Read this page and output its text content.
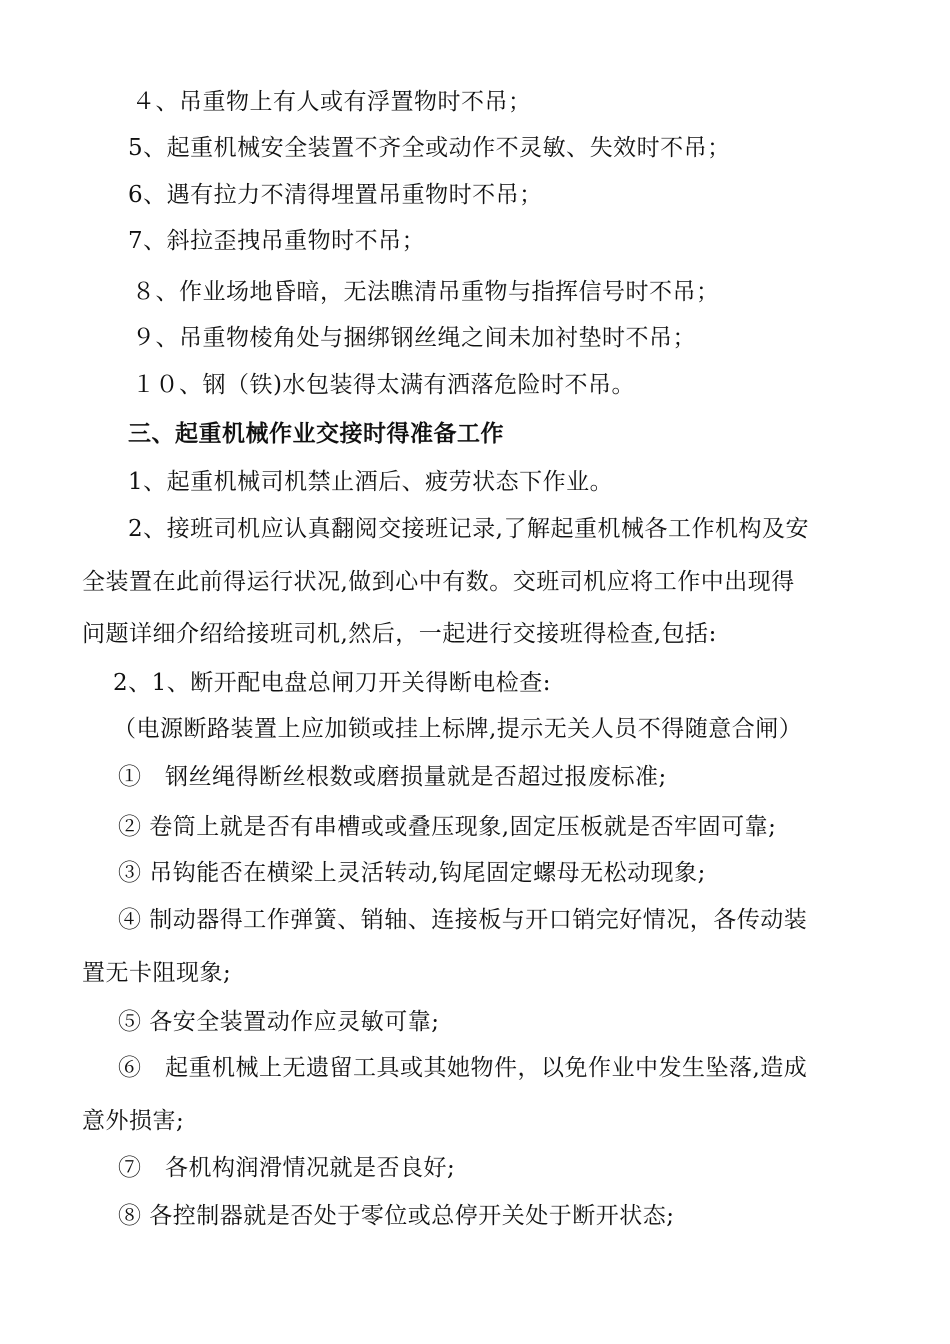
４、吊重物上有人或有浮置物时不吊；
5、起重机械安全装置不齐全或动作不灵敏、失效时不吊；
6、遇有拉力不清得埋置吊重物时不吊；
7、斜拉歪拽吊重物时不吊；
８、作业场地昏暗，无法瞧清吊重物与指挥信号时不吊；
９、吊重物棱角处与捆绑钢丝绳之间未加衬垫时不吊；
１０、钢（铁)水包装得太满有洒落危险时不吊。
三、起重机械作业交接时得准备工作
1、起重机械司机禁止酒后、疲劳状态下作业。
2、接班司机应认真翻阅交接班记录,了解起重机械各工作机构及安
全装置在此前得运行状况,做到心中有数。交班司机应将工作中出现得
问题详细介绍给接班司机,然后，一起进行交接班得检查,包括:
2、1、断开配电盘总闸刀开关得断电检查:
（电源断路装置上应加锁或挂上标牌,提示无关人员不得随意合闸）
①　钢丝绳得断丝根数或磨损量就是否超过报废标准;
② 卷筒上就是否有串槽或或叠压现象,固定压板就是否牢固可靠;
③ 吊钩能否在横梁上灵活转动,钩尾固定螺母无松动现象;
④ 制动器得工作弹簧、销轴、连接板与开口销完好情况，各传动装
置无卡阻现象;
⑤ 各安全装置动作应灵敏可靠;
⑥　起重机械上无遗留工具或其她物件，以免作业中发生坠落,造成
意外损害;
⑦　各机构润滑情况就是否良好;
⑧ 各控制器就是否处于零位或总停开关处于断开状态;
